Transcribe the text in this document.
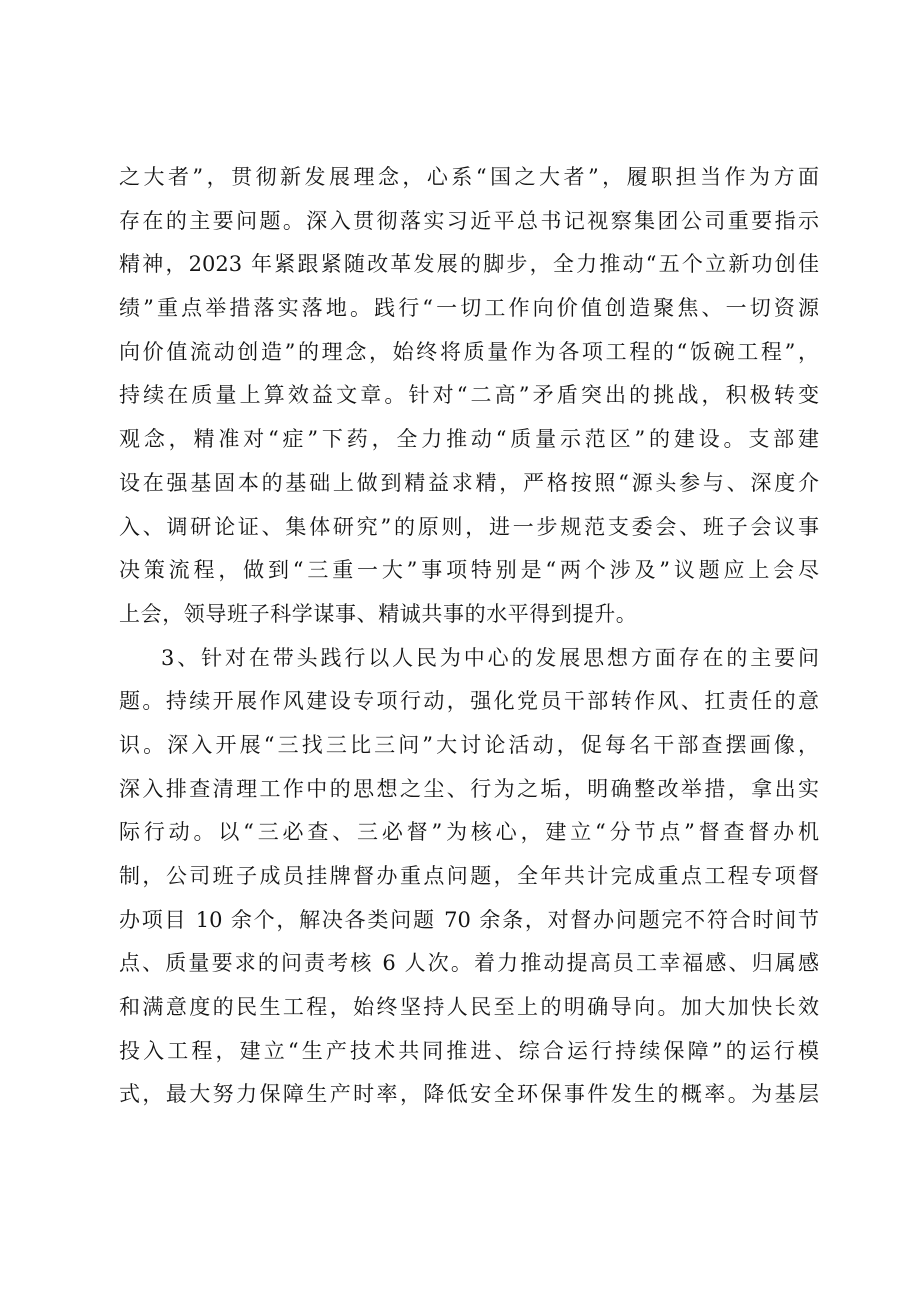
之大者”，贯彻新发展理念，心系“国之大者”，履职担当作为方面
存在的主要问题。深入贯彻落实习近平总书记视察集团公司重要指示
精神，2023 年紧跟紧随改革发展的脚步，全力推动“五个立新功创佳
绩”重点举措落实落地。践行“一切工作向价值创造聚焦、一切资源
向价值流动创造”的理念，始终将质量作为各项工程的“饭碗工程”，
持续在质量上算效益文章。针对“二高”矛盾突出的挑战，积极转变
观念，精准对“症”下药，全力推动“质量示范区”的建设。支部建
设在强基固本的基础上做到精益求精，严格按照“源头参与、深度介
入、调研论证、集体研究”的原则，进一步规范支委会、班子会议事
决策流程，做到“三重一大”事项特别是“两个涉及”议题应上会尽
上会，领导班子科学谋事、精诚共事的水平得到提升。
3、针对在带头践行以人民为中心的发展思想方面存在的主要问
题。持续开展作风建设专项行动，强化党员干部转作风、扛责任的意
识。深入开展“三找三比三问”大讨论活动，促每名干部查摆画像，
深入排查清理工作中的思想之尘、行为之垢，明确整改举措，拿出实
际行动。以“三必查、三必督”为核心，建立“分节点”督查督办机
制，公司班子成员挂牌督办重点问题，全年共计完成重点工程专项督
办项目 10 余个，解决各类问题 70 余条，对督办问题完不符合时间节
点、质量要求的问责考核 6 人次。着力推动提高员工幸福感、归属感
和满意度的民生工程，始终坚持人民至上的明确导向。加大加快长效
投入工程，建立“生产技术共同推进、综合运行持续保障”的运行模
式，最大努力保障生产时率，降低安全环保事件发生的概率。为基层
